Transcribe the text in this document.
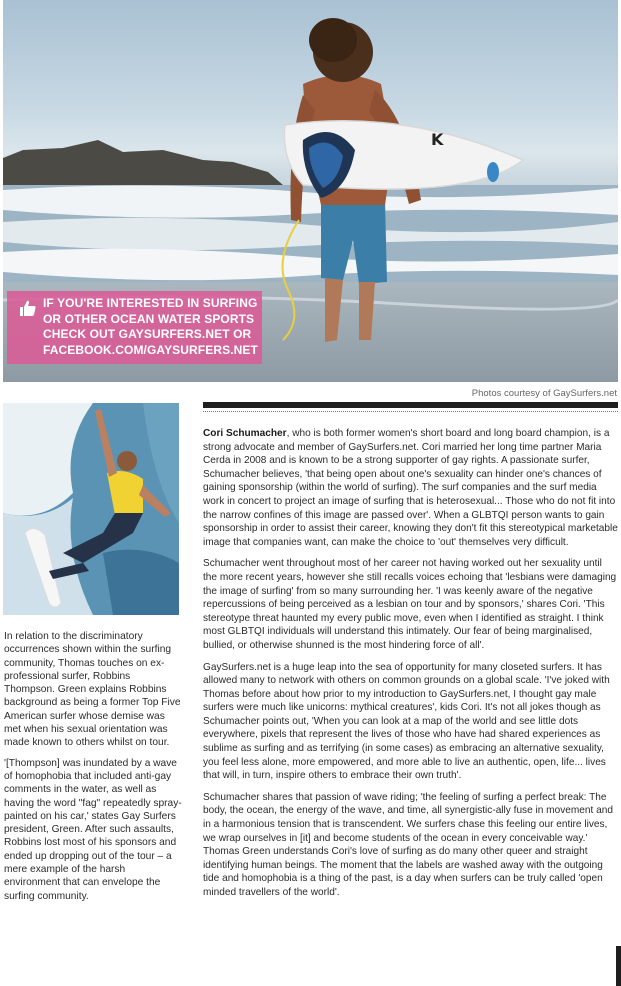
K
IF YOU'RE INTERESTED IN SURFING
OR OTHER OCEAN WATER SPORTS
CHECK OUT GAYSURFERS.NET OR
FACEBOOK.COM/GAYSURFERS.NET
Photos courtesy of GaySurfers.net

In relation to the discriminatory occurrences shown within the surfing community, Thomas touches on ex-professional surfer, Robbins Thompson. Green explains Robbins background as being a former Top Five American surfer whose demise was met when his sexual orientation was made known to others whilst on tour.

'[Thompson] was inundated by a wave of homophobia that included anti-gay comments in the water, as well as having the word "fag" repeatedly spray-painted on his car,' states Gay Surfers president, Green. After such assaults, Robbins lost most of his sponsors and ended up dropping out of the tour – a mere example of the harsh environment that can envelope the surfing community.

Cori Schumacher, who is both former women's short board and long board champion, is a strong advocate and member of GaySurfers.net. Cori married her long time partner Maria Cerda in 2008 and is known to be a strong supporter of gay rights. A passionate surfer, Schumacher believes, 'that being open about one's sexuality can hinder one's chances of gaining sponsorship (within the world of surfing). The surf companies and the surf media work in concert to project an image of surfing that is heterosexual... Those who do not fit into the narrow confines of this image are passed over'. When a GLBTQI person wants to gain sponsorship in order to assist their career, knowing they don't fit this stereotypical marketable image that companies want, can make the choice to 'out' themselves very difficult.

Schumacher went throughout most of her career not having worked out her sexuality until the more recent years, however she still recalls voices echoing that 'lesbians were damaging the image of surfing' from so many surrounding her. 'I was keenly aware of the negative repercussions of being perceived as a lesbian on tour and by sponsors,' shares Cori. 'This stereotype threat haunted my every public move, even when I identified as straight. I think most GLBTQI individuals will understand this intimately. Our fear of being marginalised, bullied, or otherwise shunned is the most hindering force of all'.

GaySurfers.net is a huge leap into the sea of opportunity for many closeted surfers. It has allowed many to network with others on common grounds on a global scale. 'I've joked with Thomas before about how prior to my introduction to GaySurfers.net, I thought gay male surfers were much like unicorns: mythical creatures', kids Cori. It's not all jokes though as Schumacher points out, 'When you can look at a map of the world and see little dots everywhere, pixels that represent the lives of those who have had shared experiences as sublime as surfing and as terrifying (in some cases) as embracing an alternative sexuality, you feel less alone, more empowered, and more able to live an authentic, open, life... lives that will, in turn, inspire others to embrace their own truth'.

Schumacher shares that passion of wave riding; 'the feeling of surfing a perfect break: The body, the ocean, the energy of the wave, and time, all synergistic-ally fuse in movement and in a harmonious tension that is transcendent. We surfers chase this feeling our entire lives, we wrap ourselves in [it] and become students of the ocean in every conceivable way.' Thomas Green understands Cori's love of surfing as do many other queer and straight identifying human beings. The moment that the labels are washed away with the outgoing tide and homophobia is a thing of the past, is a day when surfers can be truly called 'open minded travellers of the world'.
